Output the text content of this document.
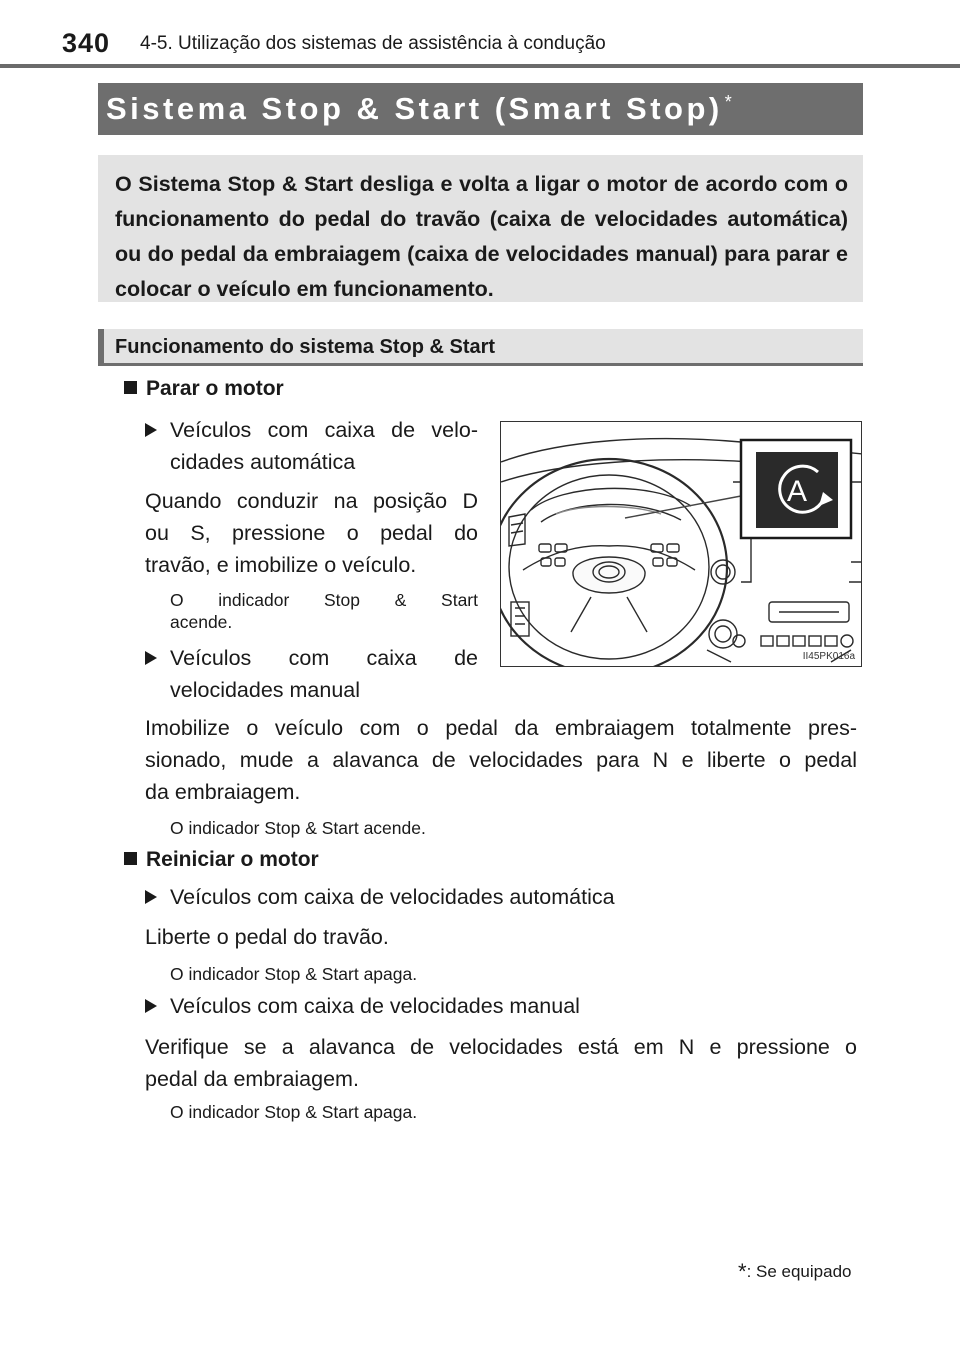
340 4-5. Utilização dos sistemas de assistência à condução
Sistema Stop & Start (Smart Stop) *

O Sistema Stop & Start desliga e volta a ligar o motor de acordo com o funcionamento do pedal do travão (caixa de velocidades automática) ou do pedal da embraiagem (caixa de velocidades manual) para parar e colocar o veículo em funcionamento.

Funcionamento do sistema Stop & Start
Parar o motor
Veículos com caixa de velo-
cidades automática
Quando conduzir na posição D
ou S, pressione o pedal do
travão, e imobilize o veículo.
O indicador Stop & Start
acende.
Veículos com caixa de
velocidades manual
Imobilize o veículo com o pedal da embraiagem totalmente pres-
sionado, mude a alavanca de velocidades para N e liberte o pedal
da embraiagem.
O indicador Stop & Start acende.
Reiniciar o motor
Veículos com caixa de velocidades automática
Liberte o pedal do travão.
O indicador Stop & Start apaga.
Veículos com caixa de velocidades manual
Verifique se a alavanca de velocidades está em N e pressione o
pedal da embraiagem.
O indicador Stop & Start apaga.
A
II45PK016a
*: Se equipado
